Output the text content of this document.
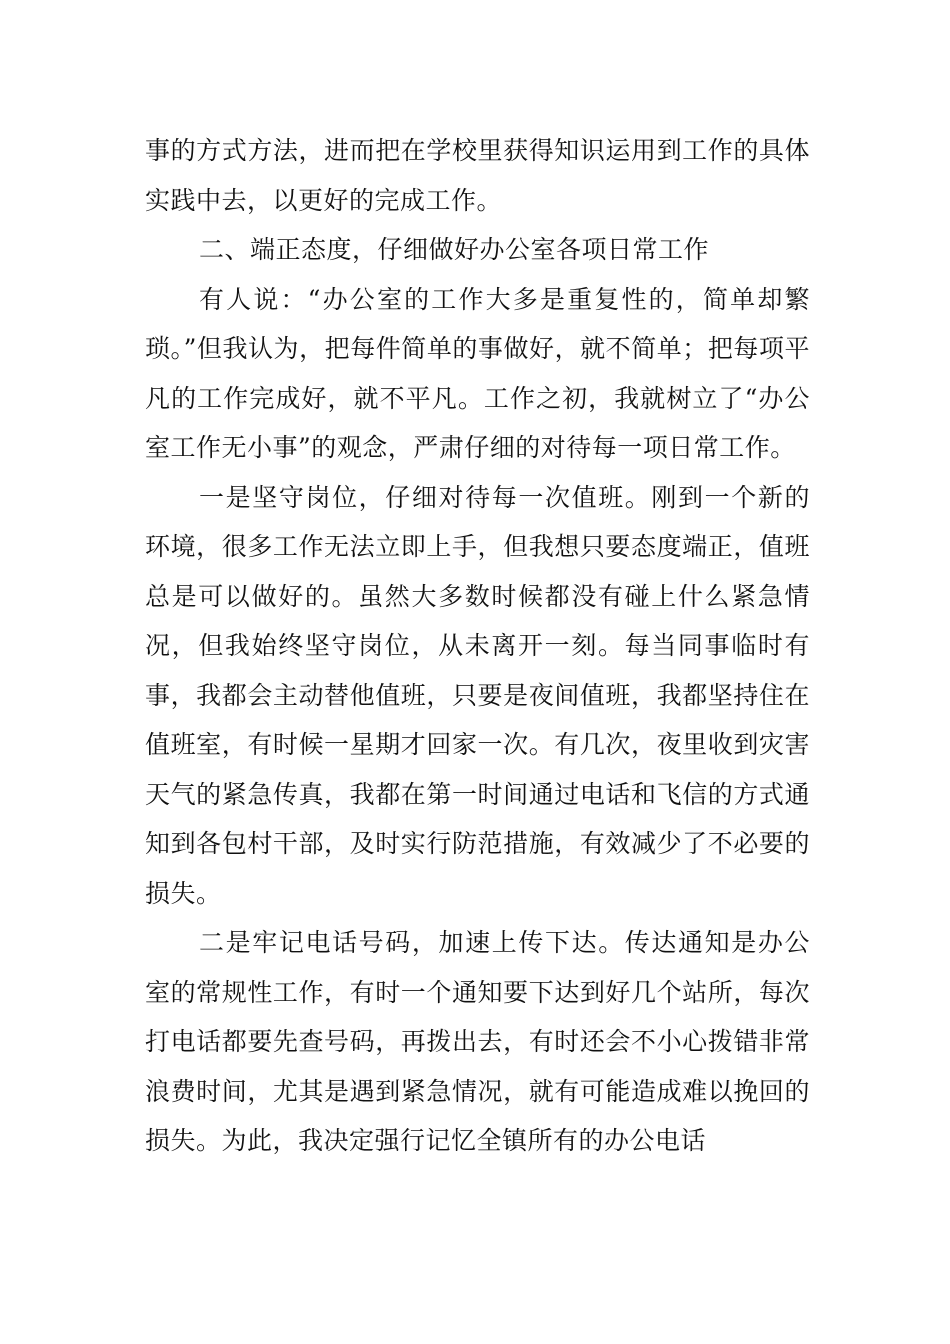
事的方式方法，进而把在学校里获得知识运用到工作的具体实践中去，以更好的完成工作。

二、端正态度，仔细做好办公室各项日常工作

有人说：“办公室的工作大多是重复性的，简单却繁琐。”但我认为，把每件简单的事做好，就不简单；把每项平凡的工作完成好，就不平凡。工作之初，我就树立了“办公室工作无小事”的观念，严肃仔细的对待每一项日常工作。

一是坚守岗位，仔细对待每一次值班。刚到一个新的环境，很多工作无法立即上手，但我想只要态度端正，值班总是可以做好的。虽然大多数时候都没有碰上什么紧急情况，但我始终坚守岗位，从未离开一刻。每当同事临时有事，我都会主动替他值班，只要是夜间值班，我都坚持住在值班室，有时候一星期才回家一次。有几次，夜里收到灾害天气的紧急传真，我都在第一时间通过电话和飞信的方式通知到各包村干部，及时实行防范措施，有效减少了不必要的损失。

二是牢记电话号码，加速上传下达。传达通知是办公室的常规性工作，有时一个通知要下达到好几个站所，每次打电话都要先查号码，再拨出去，有时还会不小心拨错非常浪费时间，尤其是遇到紧急情况，就有可能造成难以挽回的损失。为此，我决定强行记忆全镇所有的办公电话
